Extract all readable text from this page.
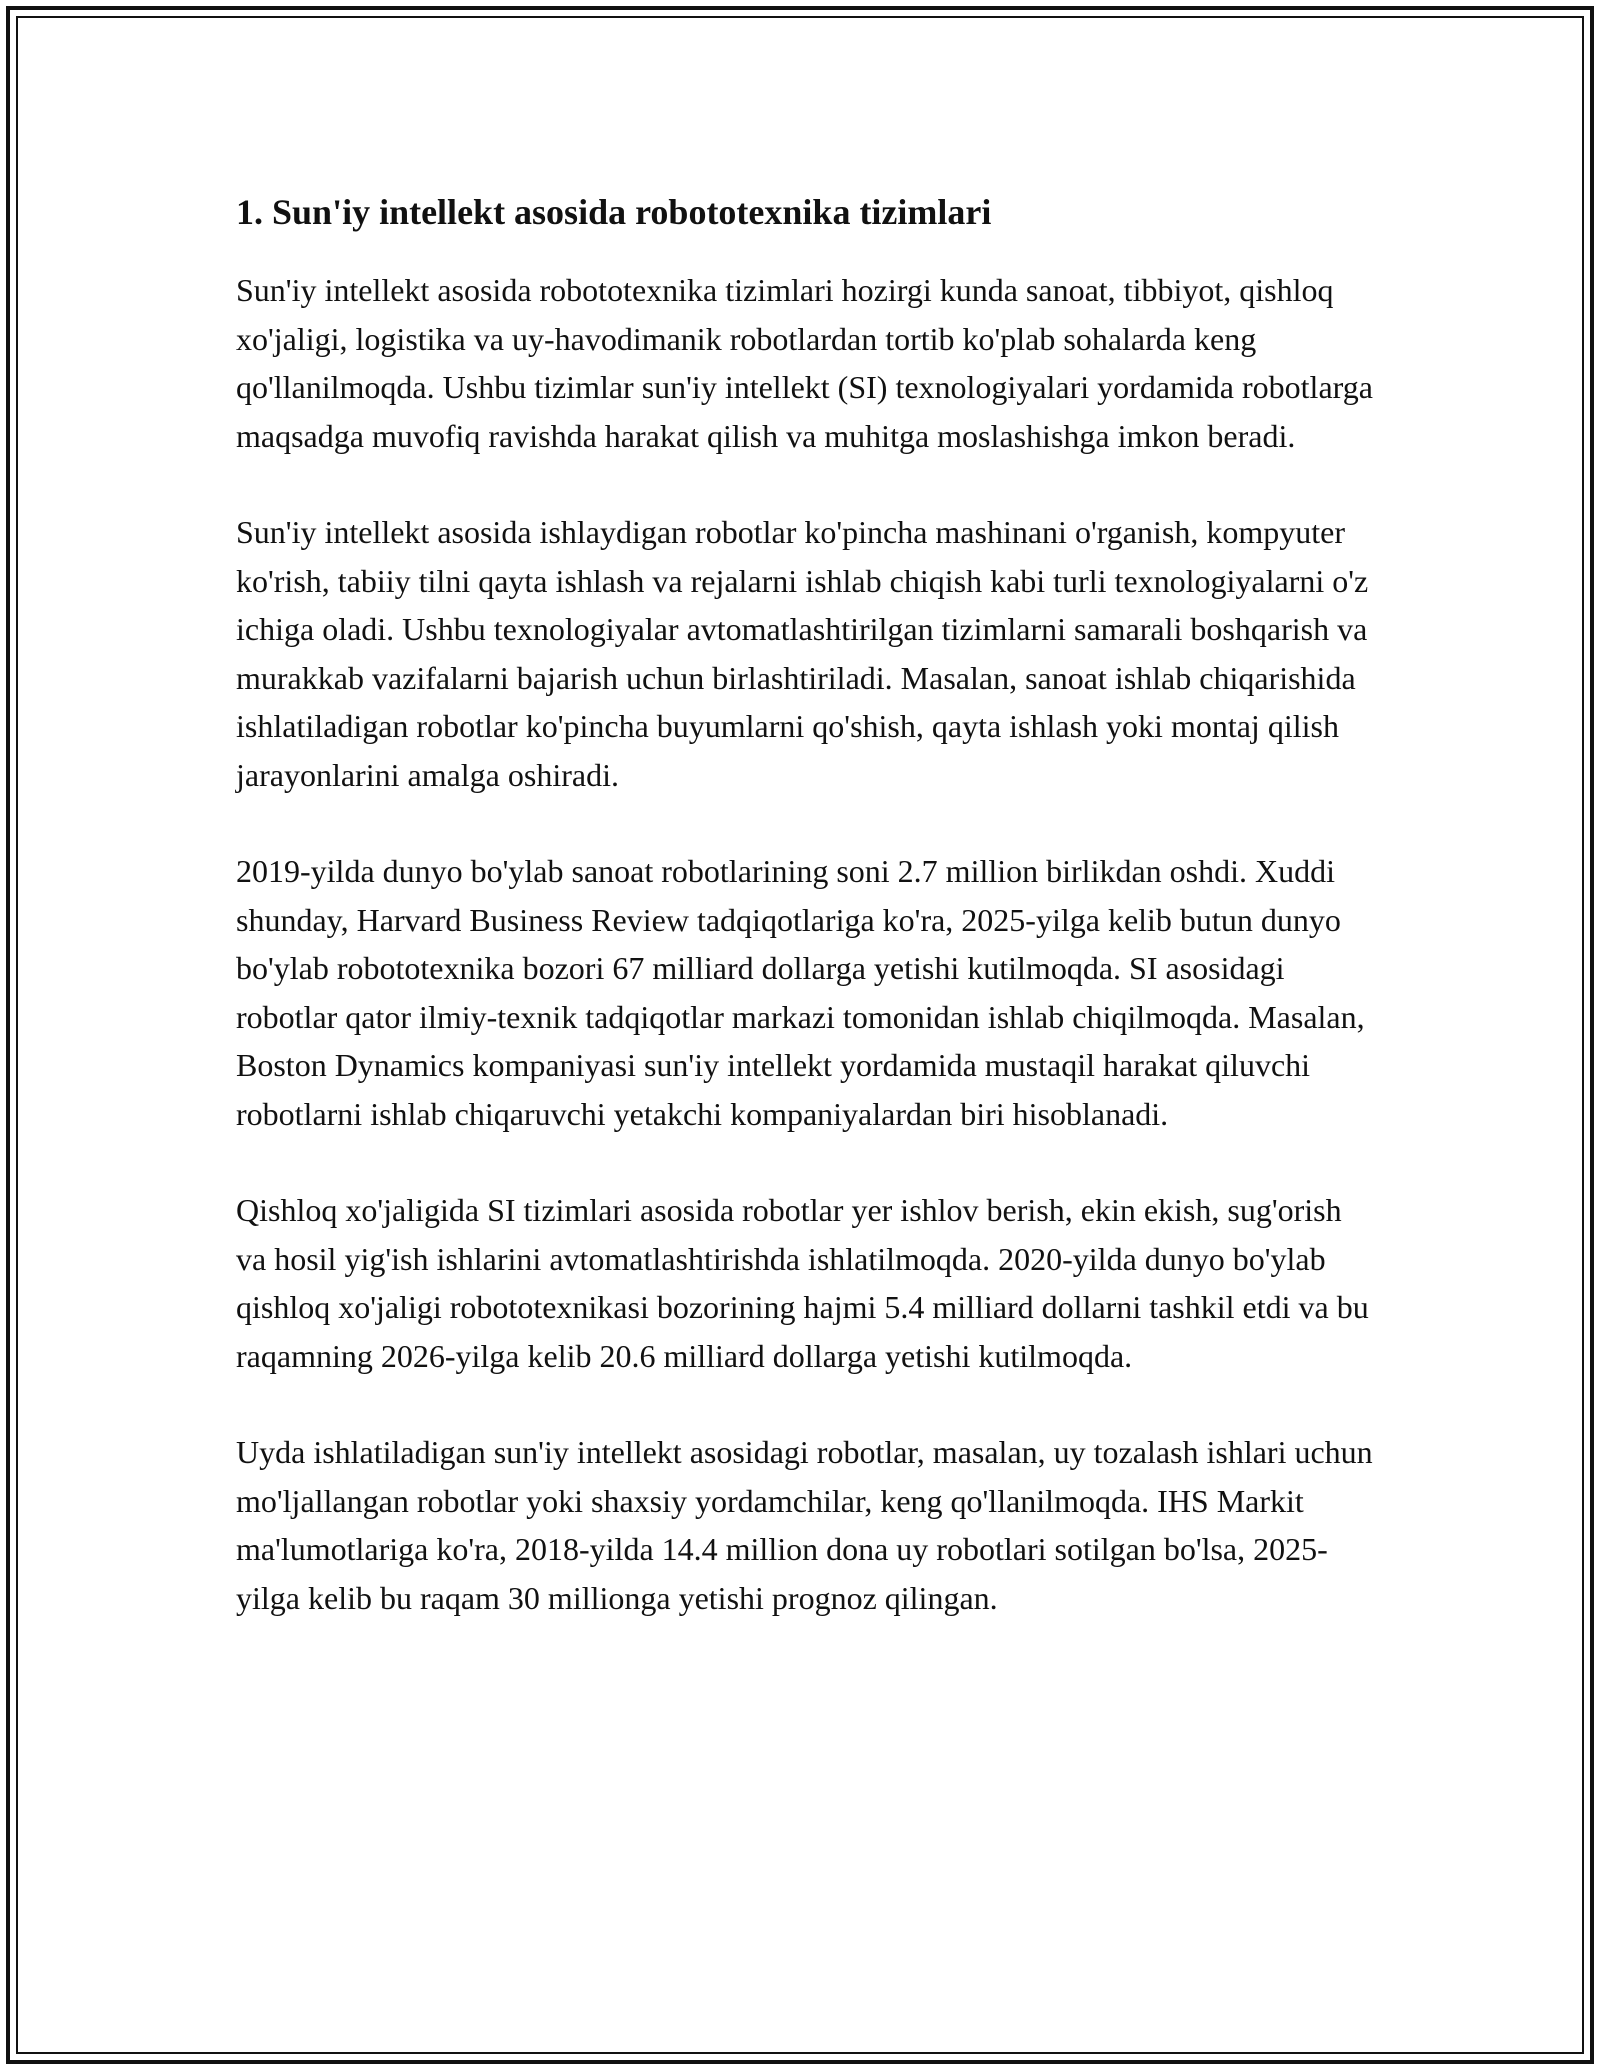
1. Sun'iy intellekt asosida robototexnika tizimlari

Sun'iy intellekt asosida robototexnika tizimlari hozirgi kunda sanoat, tibbiyot, qishloq xo'jaligi, logistika va uy-havodimanik robotlardan tortib ko'plab sohalarda keng qo'llanilmoqda. Ushbu tizimlar sun'iy intellekt (SI) texnologiyalari yordamida robotlarga maqsadga muvofiq ravishda harakat qilish va muhitga moslashishga imkon beradi.

Sun'iy intellekt asosida ishlaydigan robotlar ko'pincha mashinani o'rganish, kompyuter ko'rish, tabiiy tilni qayta ishlash va rejalarni ishlab chiqish kabi turli texnologiyalarni o'z ichiga oladi. Ushbu texnologiyalar avtomatlashtirilgan tizimlarni samarali boshqarish va murakkab vazifalarni bajarish uchun birlashtiriladi. Masalan, sanoat ishlab chiqarishida ishlatiladigan robotlar ko'pincha buyumlarni qo'shish, qayta ishlash yoki montaj qilish jarayonlarini amalga oshiradi.

2019-yilda dunyo bo'ylab sanoat robotlarining soni 2.7 million birlikdan oshdi. Xuddi shunday, Harvard Business Review tadqiqotlariga ko'ra, 2025-yilga kelib butun dunyo bo'ylab robototexnika bozori 67 milliard dollarga yetishi kutilmoqda. SI asosidagi robotlar qator ilmiy-texnik tadqiqotlar markazi tomonidan ishlab chiqilmoqda. Masalan, Boston Dynamics kompaniyasi sun'iy intellekt yordamida mustaqil harakat qiluvchi robotlarni ishlab chiqaruvchi yetakchi kompaniyalardan biri hisoblanadi.

Qishloq xo'jaligida SI tizimlari asosida robotlar yer ishlov berish, ekin ekish, sug'orish va hosil yig'ish ishlarini avtomatlashtirishda ishlatilmoqda. 2020-yilda dunyo bo'ylab qishloq xo'jaligi robototexnikasi bozorining hajmi 5.4 milliard dollarni tashkil etdi va bu raqamning 2026-yilga kelib 20.6 milliard dollarga yetishi kutilmoqda.

Uyda ishlatiladigan sun'iy intellekt asosidagi robotlar, masalan, uy tozalash ishlari uchun mo'ljallangan robotlar yoki shaxsiy yordamchilar, keng qo'llanilmoqda. IHS Markit ma'lumotlariga ko'ra, 2018-yilda 14.4 million dona uy robotlari sotilgan bo'lsa, 2025-yilga kelib bu raqam 30 millionga yetishi prognoz qilingan.
